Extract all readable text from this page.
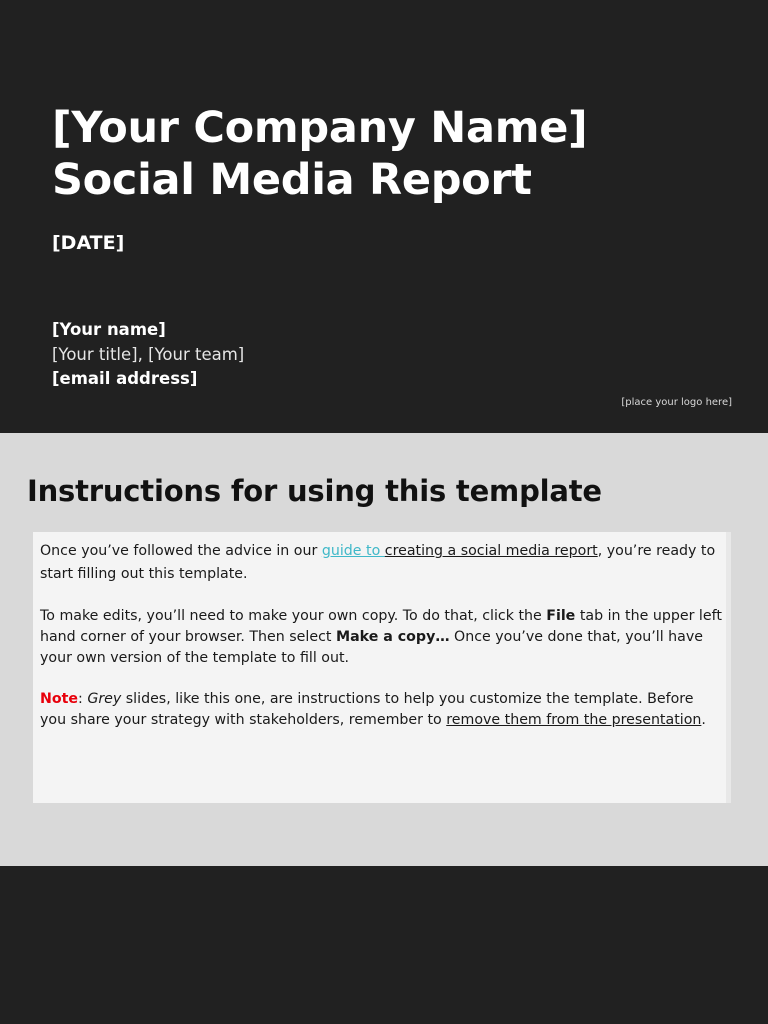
[Your Company Name] Social Media Report
[DATE]
[Your name]
[Your title], [Your team]
[email address]
[place your logo here]
Instructions for using this template

Once you’ve followed the advice in our guide to creating a social media report, you’re ready to start filling out this template.

To make edits, you’ll need to make your own copy. To do that, click the File tab in the upper left hand corner of your browser. Then select Make a copy… Once you’ve done that, you’ll have your own version of the template to fill out.

Note: Grey slides, like this one, are instructions to help you customize the template. Before you share your strategy with stakeholders, remember to remove them from the presentation.
